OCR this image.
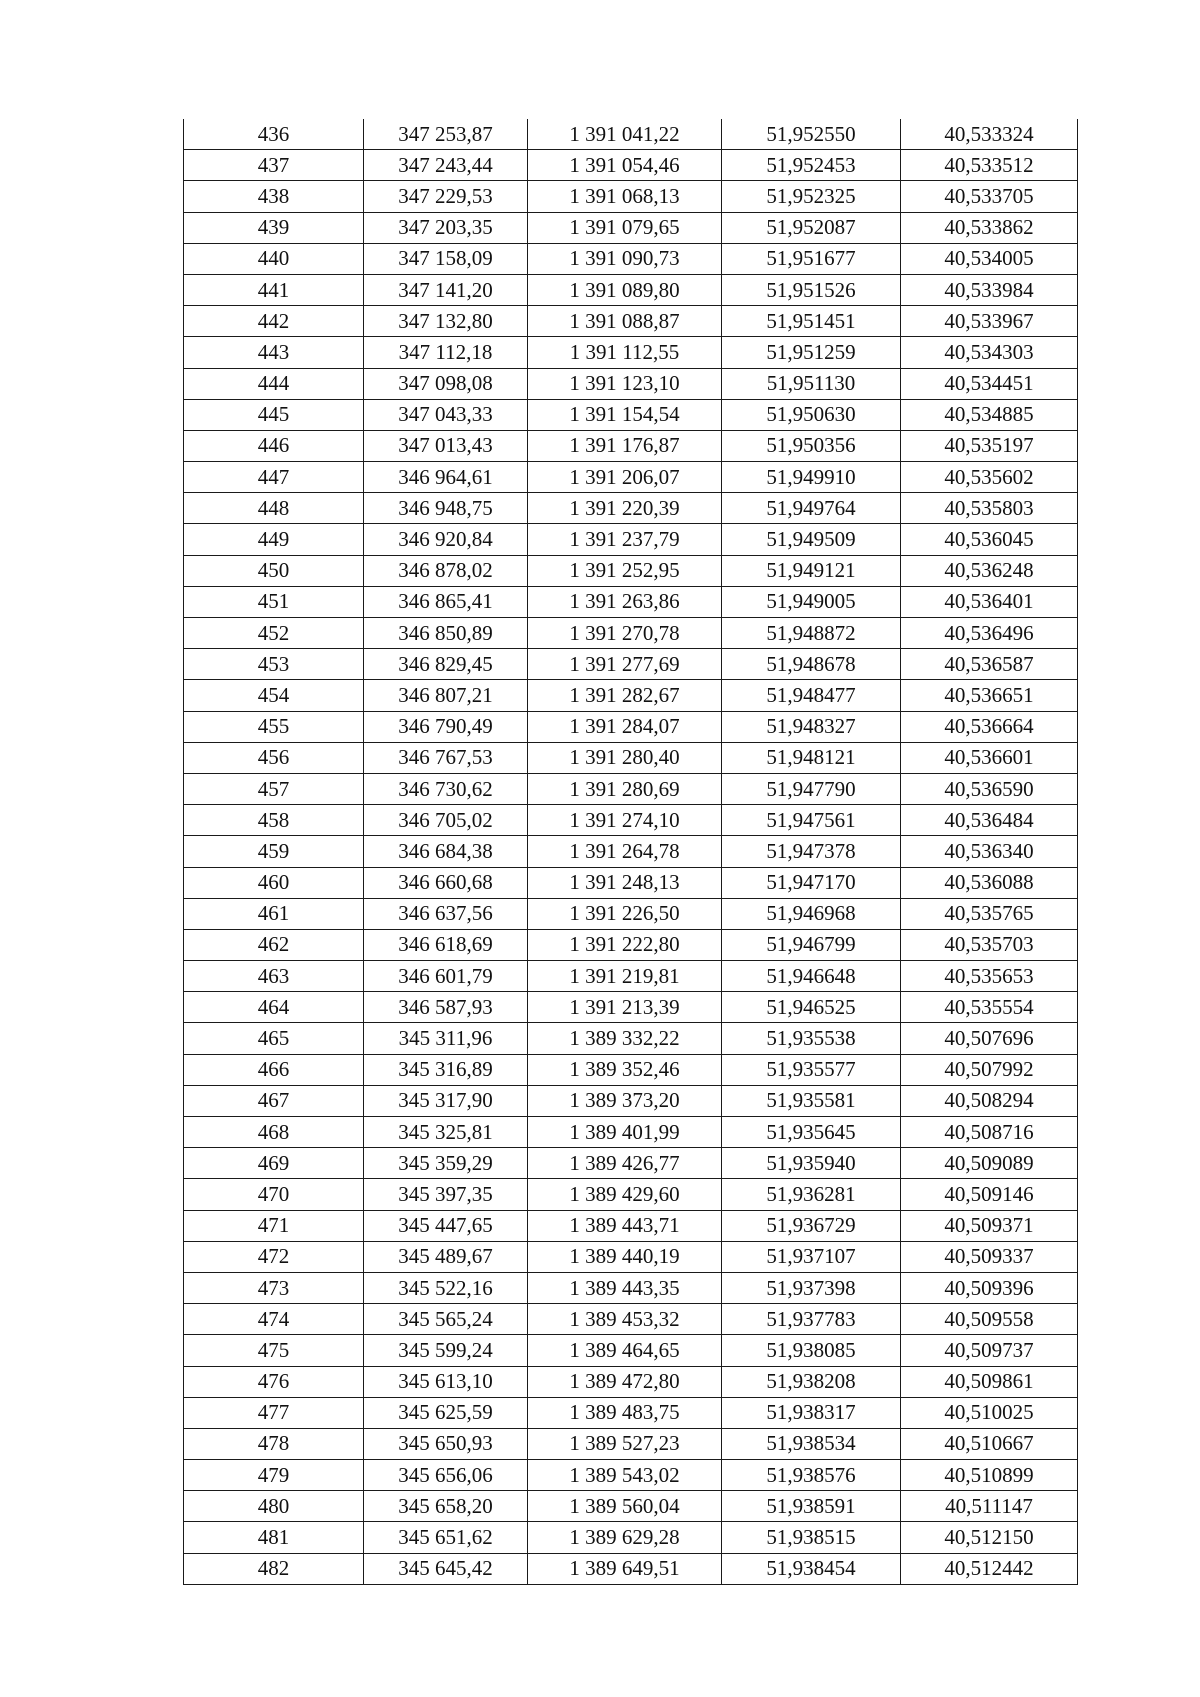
436	347 253,87	1 391 041,22	51,952550	40,533324
437	347 243,44	1 391 054,46	51,952453	40,533512
438	347 229,53	1 391 068,13	51,952325	40,533705
439	347 203,35	1 391 079,65	51,952087	40,533862
440	347 158,09	1 391 090,73	51,951677	40,534005
441	347 141,20	1 391 089,80	51,951526	40,533984
442	347 132,80	1 391 088,87	51,951451	40,533967
443	347 112,18	1 391 112,55	51,951259	40,534303
444	347 098,08	1 391 123,10	51,951130	40,534451
445	347 043,33	1 391 154,54	51,950630	40,534885
446	347 013,43	1 391 176,87	51,950356	40,535197
447	346 964,61	1 391 206,07	51,949910	40,535602
448	346 948,75	1 391 220,39	51,949764	40,535803
449	346 920,84	1 391 237,79	51,949509	40,536045
450	346 878,02	1 391 252,95	51,949121	40,536248
451	346 865,41	1 391 263,86	51,949005	40,536401
452	346 850,89	1 391 270,78	51,948872	40,536496
453	346 829,45	1 391 277,69	51,948678	40,536587
454	346 807,21	1 391 282,67	51,948477	40,536651
455	346 790,49	1 391 284,07	51,948327	40,536664
456	346 767,53	1 391 280,40	51,948121	40,536601
457	346 730,62	1 391 280,69	51,947790	40,536590
458	346 705,02	1 391 274,10	51,947561	40,536484
459	346 684,38	1 391 264,78	51,947378	40,536340
460	346 660,68	1 391 248,13	51,947170	40,536088
461	346 637,56	1 391 226,50	51,946968	40,535765
462	346 618,69	1 391 222,80	51,946799	40,535703
463	346 601,79	1 391 219,81	51,946648	40,535653
464	346 587,93	1 391 213,39	51,946525	40,535554
465	345 311,96	1 389 332,22	51,935538	40,507696
466	345 316,89	1 389 352,46	51,935577	40,507992
467	345 317,90	1 389 373,20	51,935581	40,508294
468	345 325,81	1 389 401,99	51,935645	40,508716
469	345 359,29	1 389 426,77	51,935940	40,509089
470	345 397,35	1 389 429,60	51,936281	40,509146
471	345 447,65	1 389 443,71	51,936729	40,509371
472	345 489,67	1 389 440,19	51,937107	40,509337
473	345 522,16	1 389 443,35	51,937398	40,509396
474	345 565,24	1 389 453,32	51,937783	40,509558
475	345 599,24	1 389 464,65	51,938085	40,509737
476	345 613,10	1 389 472,80	51,938208	40,509861
477	345 625,59	1 389 483,75	51,938317	40,510025
478	345 650,93	1 389 527,23	51,938534	40,510667
479	345 656,06	1 389 543,02	51,938576	40,510899
480	345 658,20	1 389 560,04	51,938591	40,511147
481	345 651,62	1 389 629,28	51,938515	40,512150
482	345 645,42	1 389 649,51	51,938454	40,512442
